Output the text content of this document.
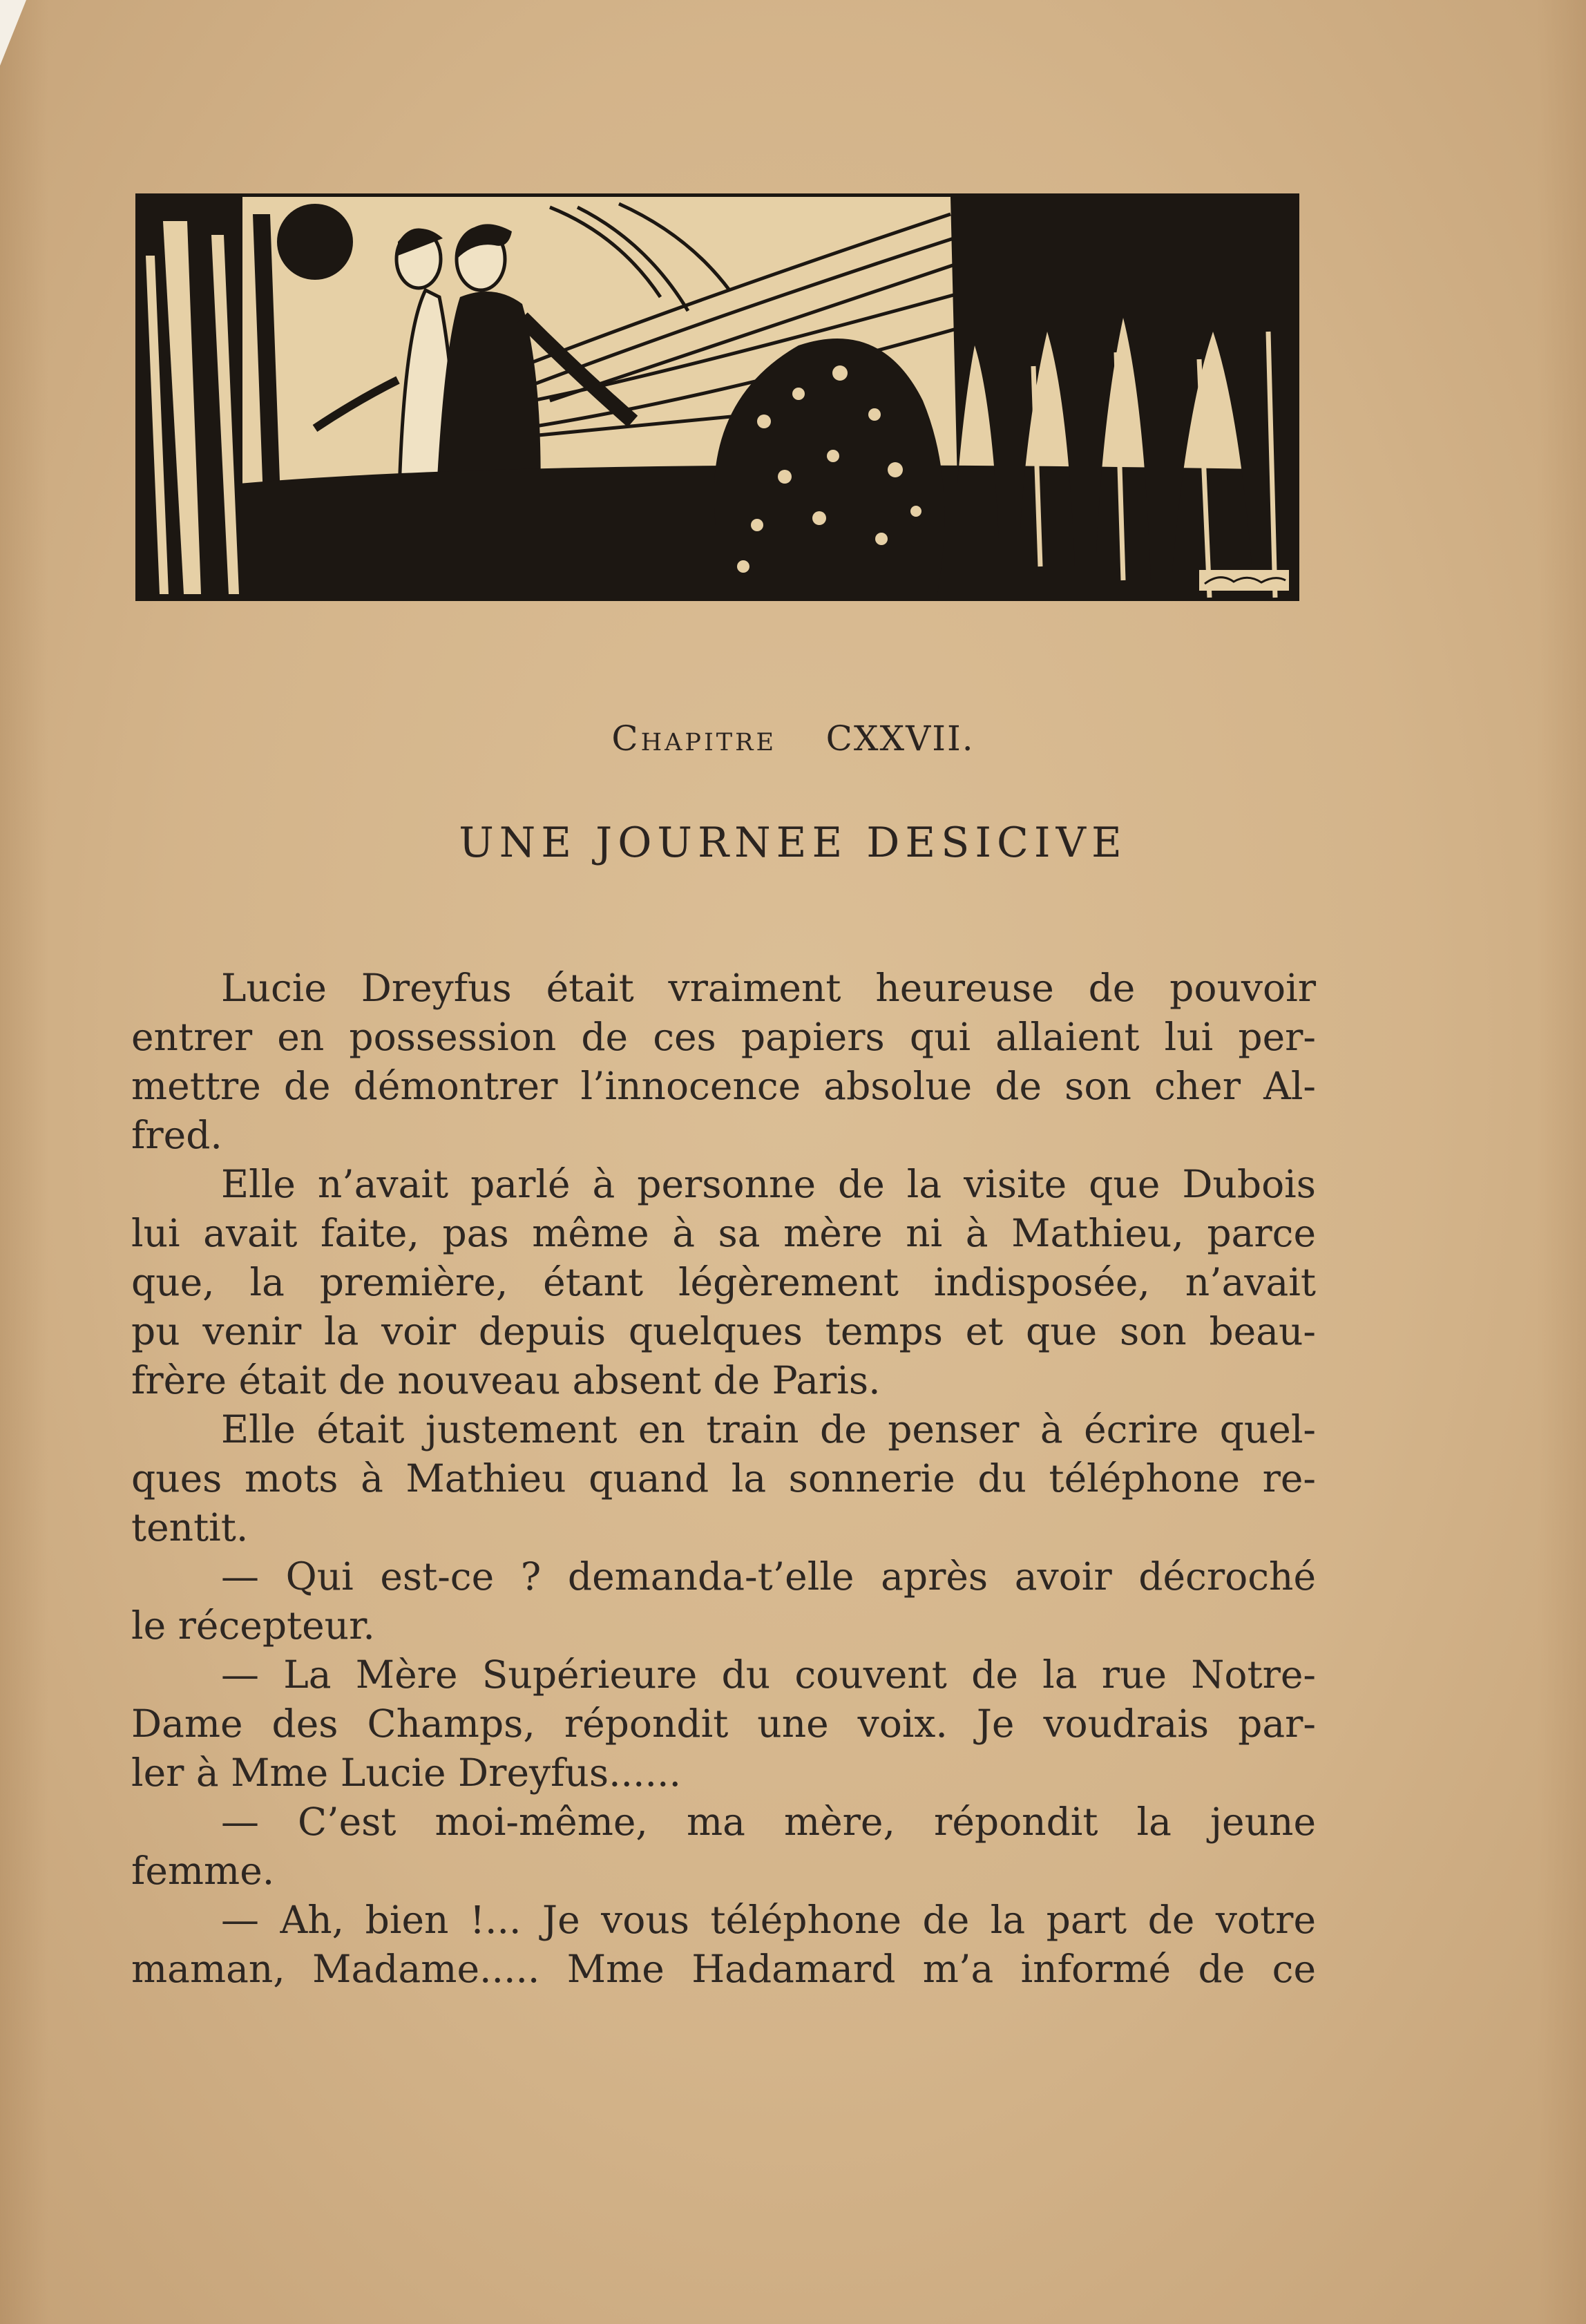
Chapitre CXXVII.
UNE JOURNEE DESICIVE
Lucie Dreyfus était vraiment heureuse de pouvoir
entrer en possession de ces papiers qui allaient lui per-
mettre de démontrer l’innocence absolue de son cher Al-
fred.
Elle n’avait parlé à personne de la visite que Dubois
lui avait faite, pas même à sa mère ni à Mathieu, parce
que, la première, étant légèrement indisposée, n’avait
pu venir la voir depuis quelques temps et que son beau-
frère était de nouveau absent de Paris.
Elle était justement en train de penser à écrire quel-
ques mots à Mathieu quand la sonnerie du téléphone re-
tentit.
— Qui est-ce ? demanda-t’elle après avoir décroché
le récepteur.
— La Mère Supérieure du couvent de la rue Notre-
Dame des Champs, répondit une voix. Je voudrais par-
ler à Mme Lucie Dreyfus......
— C’est moi-même, ma mère, répondit la jeune
femme.
— Ah, bien !... Je vous téléphone de la part de votre
maman, Madame..... Mme Hadamard m’a informé de ce
